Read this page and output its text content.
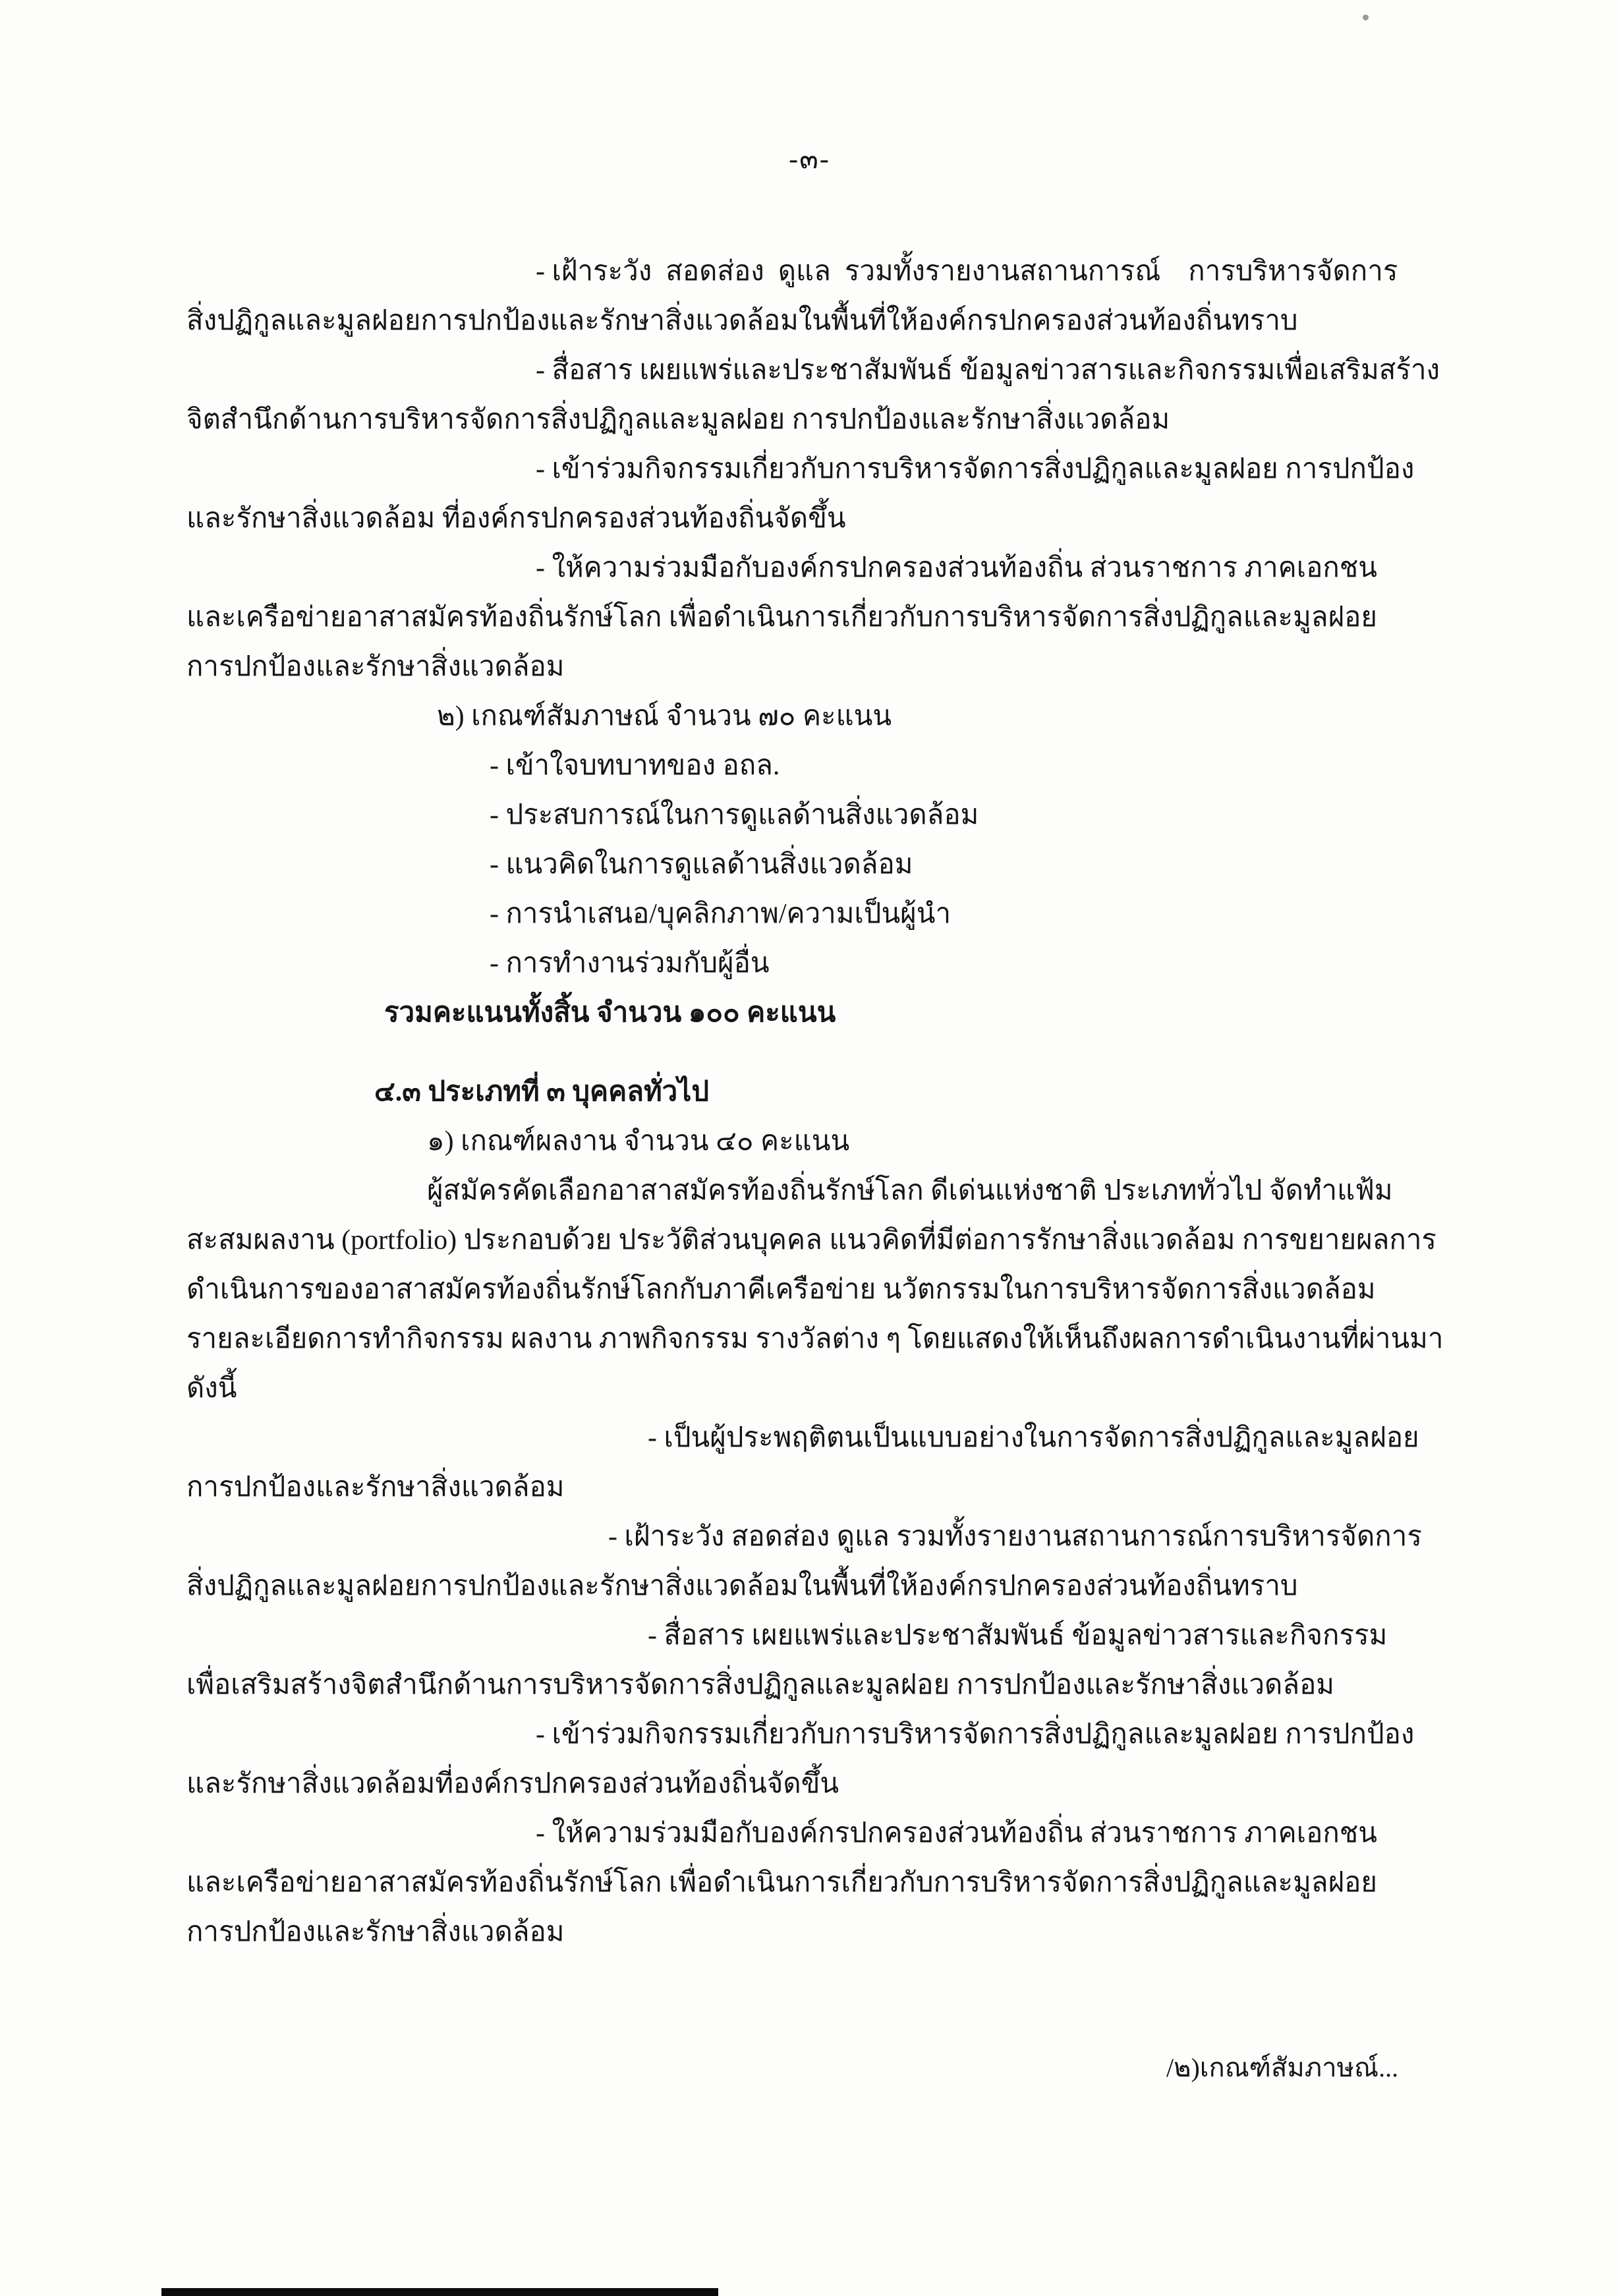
-๓-
- เฝ้าระวัง  สอดส่อง  ดูแล  รวมทั้งรายงานสถานการณ์    การบริหารจัดการ
สิ่งปฏิกูลและมูลฝอยการปกป้องและรักษาสิ่งแวดล้อมในพื้นที่ให้องค์กรปกครองส่วนท้องถิ่นทราบ
- สื่อสาร เผยแพร่และประชาสัมพันธ์ ข้อมูลข่าวสารและกิจกรรมเพื่อเสริมสร้าง
จิตสำนึกด้านการบริหารจัดการสิ่งปฏิกูลและมูลฝอย การปกป้องและรักษาสิ่งแวดล้อม
- เข้าร่วมกิจกรรมเกี่ยวกับการบริหารจัดการสิ่งปฏิกูลและมูลฝอย การปกป้อง
และรักษาสิ่งแวดล้อม ที่องค์กรปกครองส่วนท้องถิ่นจัดขึ้น
- ให้ความร่วมมือกับองค์กรปกครองส่วนท้องถิ่น ส่วนราชการ ภาคเอกชน
และเครือข่ายอาสาสมัครท้องถิ่นรักษ์โลก เพื่อดำเนินการเกี่ยวกับการบริหารจัดการสิ่งปฏิกูลและมูลฝอย
การปกป้องและรักษาสิ่งแวดล้อม
๒) เกณฑ์สัมภาษณ์ จำนวน ๗๐ คะแนน
- เข้าใจบทบาทของ อถล.
- ประสบการณ์ในการดูแลด้านสิ่งแวดล้อม
- แนวคิดในการดูแลด้านสิ่งแวดล้อม
- การนำเสนอ/บุคลิกภาพ/ความเป็นผู้นำ
- การทำงานร่วมกับผู้อื่น
รวมคะแนนทั้งสิ้น จำนวน ๑๐๐ คะแนน
๔.๓ ประเภทที่ ๓ บุคคลทั่วไป
๑) เกณฑ์ผลงาน จำนวน ๔๐ คะแนน
ผู้สมัครคัดเลือกอาสาสมัครท้องถิ่นรักษ์โลก ดีเด่นแห่งชาติ ประเภททั่วไป จัดทำแฟ้ม
สะสมผลงาน (portfolio) ประกอบด้วย ประวัติส่วนบุคคล แนวคิดที่มีต่อการรักษาสิ่งแวดล้อม การขยายผลการ
ดำเนินการของอาสาสมัครท้องถิ่นรักษ์โลกกับภาคีเครือข่าย นวัตกรรมในการบริหารจัดการสิ่งแวดล้อม
รายละเอียดการทำกิจกรรม ผลงาน ภาพกิจกรรม รางวัลต่าง ๆ โดยแสดงให้เห็นถึงผลการดำเนินงานที่ผ่านมา
ดังนี้
- เป็นผู้ประพฤติตนเป็นแบบอย่างในการจัดการสิ่งปฏิกูลและมูลฝอย
การปกป้องและรักษาสิ่งแวดล้อม
- เฝ้าระวัง สอดส่อง ดูแล รวมทั้งรายงานสถานการณ์การบริหารจัดการ
สิ่งปฏิกูลและมูลฝอยการปกป้องและรักษาสิ่งแวดล้อมในพื้นที่ให้องค์กรปกครองส่วนท้องถิ่นทราบ
- สื่อสาร เผยแพร่และประชาสัมพันธ์ ข้อมูลข่าวสารและกิจกรรม
เพื่อเสริมสร้างจิตสำนึกด้านการบริหารจัดการสิ่งปฏิกูลและมูลฝอย การปกป้องและรักษาสิ่งแวดล้อม
- เข้าร่วมกิจกรรมเกี่ยวกับการบริหารจัดการสิ่งปฏิกูลและมูลฝอย การปกป้อง
และรักษาสิ่งแวดล้อมที่องค์กรปกครองส่วนท้องถิ่นจัดขึ้น
- ให้ความร่วมมือกับองค์กรปกครองส่วนท้องถิ่น ส่วนราชการ ภาคเอกชน
และเครือข่ายอาสาสมัครท้องถิ่นรักษ์โลก เพื่อดำเนินการเกี่ยวกับการบริหารจัดการสิ่งปฏิกูลและมูลฝอย
การปกป้องและรักษาสิ่งแวดล้อม
/๒)เกณฑ์สัมภาษณ์...
